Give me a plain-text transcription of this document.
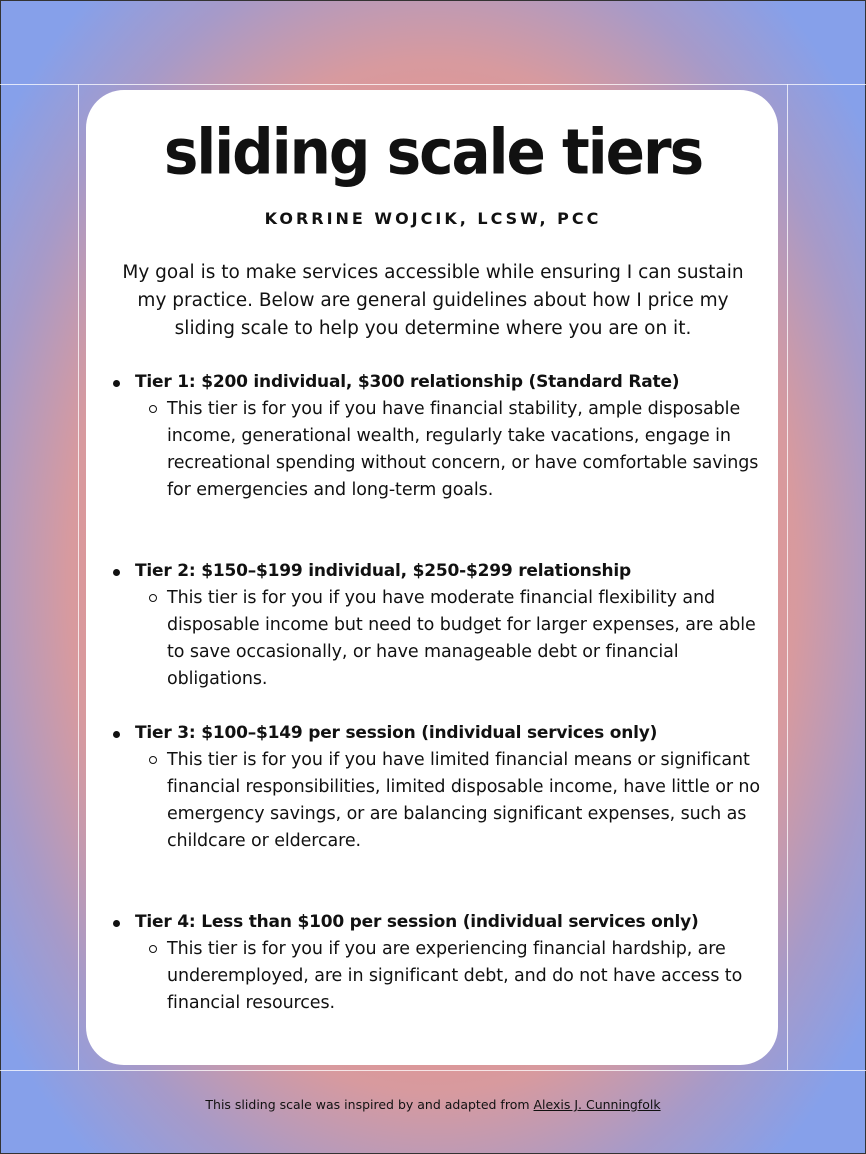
sliding scale tiers
KORRINE WOJCIK, LCSW, PCC
My goal is to make services accessible while ensuring I can sustain my practice. Below are general guidelines about how I price my sliding scale to help you determine where you are on it.
Tier 1: $200 individual, $300 relationship (Standard Rate)
This tier is for you if you have financial stability, ample disposable income, generational wealth, regularly take vacations, engage in recreational spending without concern, or have comfortable savings for emergencies and long-term goals.
Tier 2: $150–$199 individual, $250-$299 relationship
This tier is for you if you have moderate financial flexibility and disposable income but need to budget for larger expenses, are able to save occasionally, or have manageable debt or financial obligations.
Tier 3: $100–$149 per session (individual services only)
This tier is for you if you have limited financial means or significant financial responsibilities, limited disposable income, have little or no emergency savings, or are balancing significant expenses, such as childcare or eldercare.
Tier 4: Less than $100 per session (individual services only)
This tier is for you if you are experiencing financial hardship, are underemployed, are in significant debt, and do not have access to financial resources.
This sliding scale was inspired by and adapted from Alexis J. Cunningfolk
